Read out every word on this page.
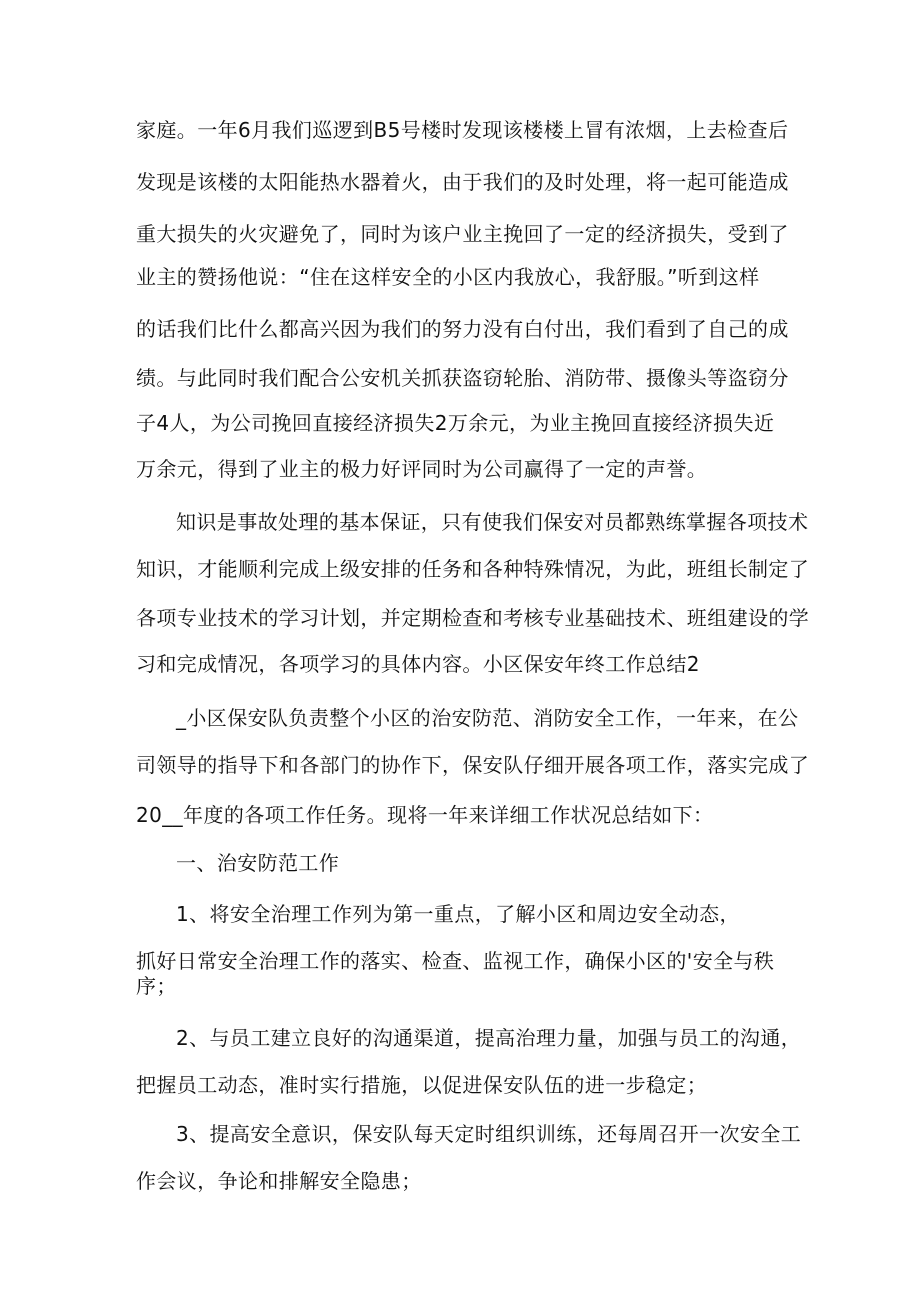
家庭。一年6月我们巡逻到B5号楼时发现该楼楼上冒有浓烟，上去检查后
发现是该楼的太阳能热水器着火，由于我们的及时处理，将一起可能造成
重大损失的火灾避免了，同时为该户业主挽回了一定的经济损失，受到了
业主的赞扬他说：“住在这样安全的小区内我放心，我舒服。”听到这样
的话我们比什么都高兴因为我们的努力没有白付出，我们看到了自己的成
绩。与此同时我们配合公安机关抓获盗窃轮胎、消防带、摄像头等盗窃分
子4人，为公司挽回直接经济损失2万余元，为业主挽回直接经济损失近
万余元，得到了业主的极力好评同时为公司赢得了一定的声誉。
知识是事故处理的基本保证，只有使我们保安对员都熟练掌握各项技术
知识，才能顺利完成上级安排的任务和各种特殊情况，为此，班组长制定了
各项专业技术的学习计划，并定期检查和考核专业基础技术、班组建设的学
习和完成情况，各项学习的具体内容。小区保安年终工作总结2
_小区保安队负责整个小区的治安防范、消防安全工作，一年来，在公
司领导的指导下和各部门的协作下，保安队仔细开展各项工作，落实完成了
20__年度的各项工作任务。现将一年来详细工作状况总结如下：
一、治安防范工作
1、将安全治理工作列为第一重点，了解小区和周边安全动态，
抓好日常安全治理工作的落实、检查、监视工作，确保小区的'安全与秩
序；
2、与员工建立良好的沟通渠道，提高治理力量，加强与员工的沟通，
把握员工动态，准时实行措施，以促进保安队伍的进一步稳定；
3、提高安全意识，保安队每天定时组织训练，还每周召开一次安全工
作会议，争论和排解安全隐患；
